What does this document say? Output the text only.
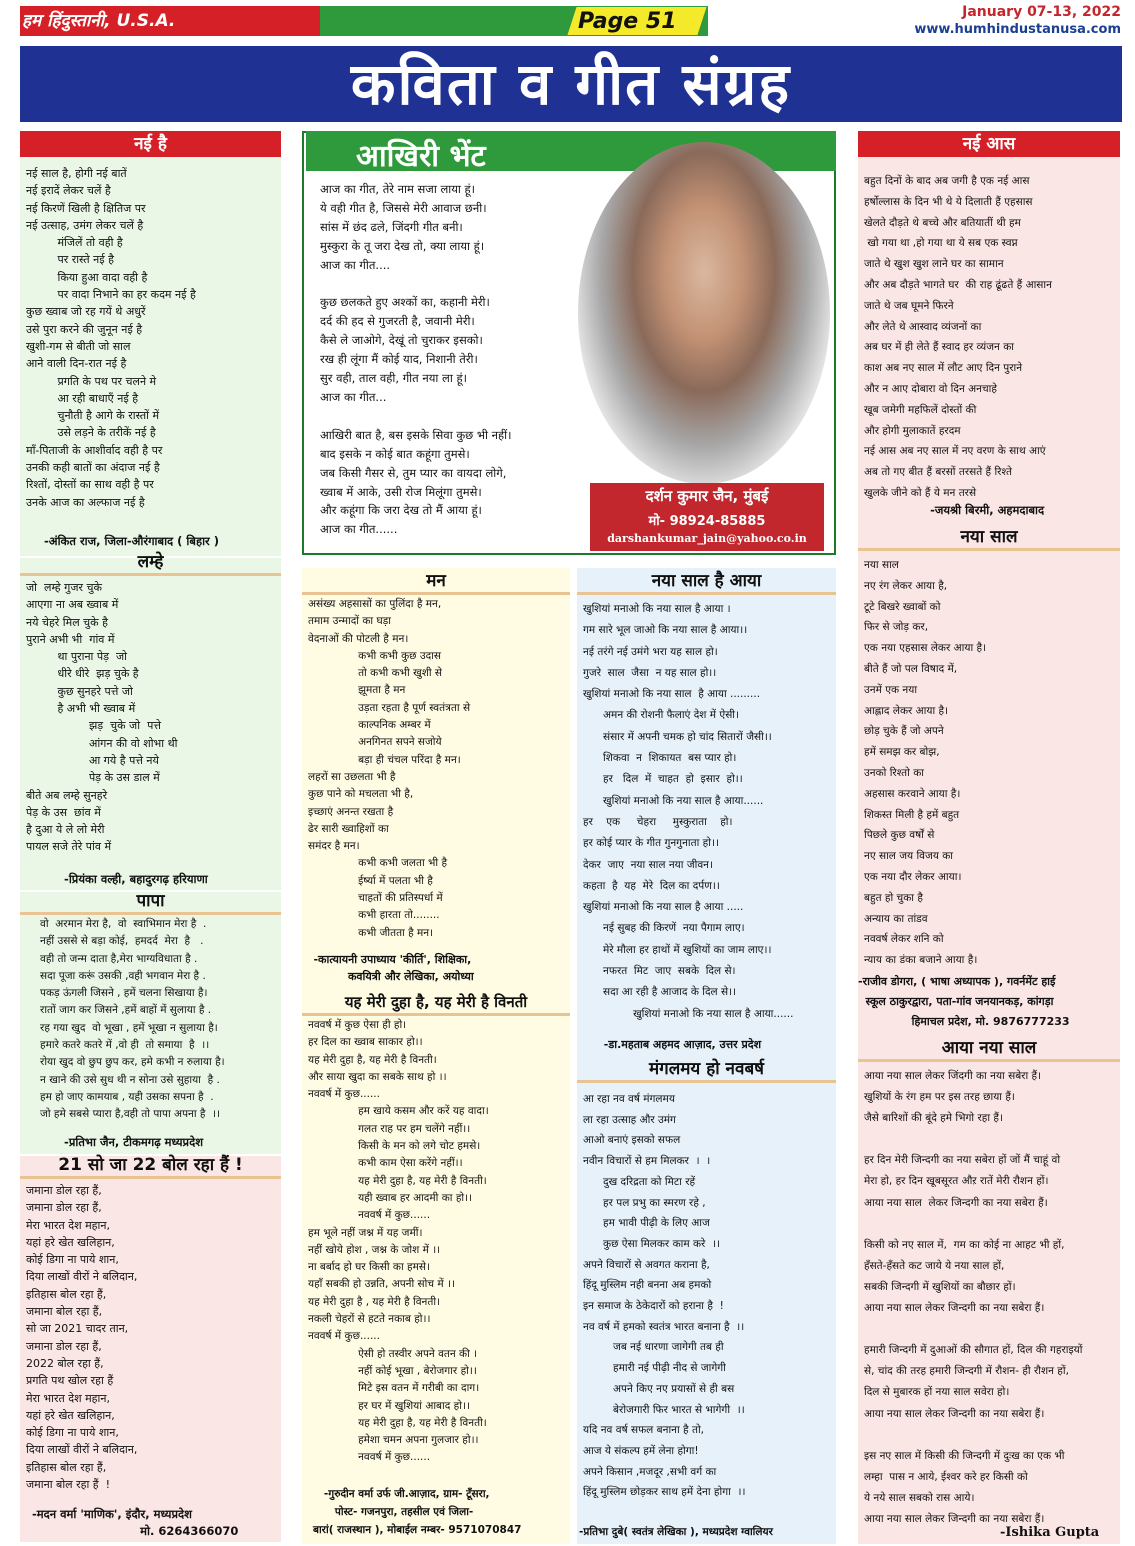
हम हिंदुस्तानी, U.S.A.	Page 51	January 07-13, 2022
www.humhindustanusa.com
कविता व गीत संग्रह
नई है
नई साल है, होगी नई बातें
नई इरादें लेकर चलें है
नई किरणें खिली है क्षितिज पर
नई उत्साह, उमंग लेकर चलें है
मंजिलें तो वही है
पर रास्ते नई है
किया हुआ वादा वही है
पर वादा निभाने का हर कदम नई है
कुछ ख्वाब जो रह गयें थे अधुरें
उसे पुरा करने की जुनून नई है
खुशी-गम से बीती जो साल
आने वाली दिन-रात नई है
प्रगति के पथ पर चलने मे
आ रही बाधाएँ नई है
चुनौती है आगे के रास्तों में
उसे लड़ने के तरीकें नई है
माँ-पिताजी के आशीर्वाद वही है पर
उनकी कही बातों का अंदाज नई है
रिश्तों, दोस्तों का साथ वही है पर
उनके आज का अल्फाज नई है
-अंकित राज, जिला-औरंगाबाद ( बिहार )
लम्हे
जो  लम्हे गुजर चुके
आएगा ना अब ख्वाब में
नये चेहरे मिल चुके है
पुराने अभी भी  गांव में
था पुराना पेड़  जो
धीरे धीरे  झड़ चुके है
कुछ सुनहरे पत्ते जो
है अभी भी ख्वाब में
झड़  चुके जो  पत्ते
आंगन की वो शोभा थी
आ गये है पत्ते नये
पेड़ के उस डाल में
बीते अब लम्हे सुनहरे
पेड़ के उस  छांव में
है दुआ ये ले लो मेरी
पायल सजे तेरे पांव में
-प्रियंका वल्ही, बहादुरगढ़ हरियाणा
पापा
वो  अरमान मेरा है,  वो  स्वाभिमान मेरा है  .
नहीं उससे से बड़ा कोई,  हमदर्द  मेरा  है   .
वही तो जन्म दाता है,मेरा भाग्यविधाता है .
सदा पूजा करूं उसकी ,वही भगवान मेरा है .
पकड़ ऊंगली जिसने , हमें चलना सिखाया है।
रातों जाग कर जिसने ,हमें बाहों में सुलाया है .
रह गया खुद  वो भूखा , हमें भूखा न सुलाया है।
हमारे कतरे कतरे में ,वो ही  तो समाया  है  ।।
रोया खुद वो छुप छुप कर, हमे कभी न रुलाया है।
न खाने की उसे सुध थी न सोना उसे सुहाया  है .
हम हो जाए कामयाब , यही उसका सपना है  .
जो हमे सबसे प्यारा है,वही तो पापा अपना है  ।।
-प्रतिभा जैन, टीकमगढ़ मध्यप्रदेश
21 सो जा 22 बोल रहा हैं !
जमाना डोल रहा हैं,
जमाना डोल रहा हैं,
मेरा भारत देश महान,
यहां हरे खेत खलिहान,
कोई डिगा ना पाये शान,
दिया लाखों वीरों ने बलिदान,
इतिहास बोल रहा हैं,
जमाना बोल रहा हैं,
सो जा 2021 चादर तान,
जमाना डोल रहा हैं,
2022 बोल रहा हैं,
प्रगति पथ खोल रहा हैं
मेरा भारत देश महान,
यहां हरे खेत खलिहान,
कोई डिगा ना पाये शान,
दिया लाखों वीरों ने बलिदान,
इतिहास बोल रहा हैं,
जमाना बोल रहा हैं  !
-मदन वर्मा 'माणिक', इंदौर, मध्यप्रदेश
मो. 6264366070
आखिरी भेंट
आज का गीत, तेरे नाम सजा लाया हूं।
ये वही गीत है, जिससे मेरी आवाज छनी।
सांस में छंद ढले, जिंदगी गीत बनी।
मुस्कुरा के तू जरा देख तो, क्या लाया हूं।
आज का गीत....

कुछ छलकते हुए अश्कों का, कहानी मेरी।
दर्द की हद से गुजरती है, जवानी मेरी।
कैसे ले जाओगे, देखूं तो चुराकर इसको।
रख ही लूंगा मैं कोई याद, निशानी तेरी।
सुर वही, ताल वही, गीत नया ला हूं।
आज का गीत...

आखिरी बात है, बस इसके सिवा कुछ भी नहीं।
बाद इसके न कोई बात कहूंगा तुमसे।
जब किसी गैसर से, तुम प्यार का वायदा लोगे,
ख्वाब में आके, उसी रोज मिलूंगा तुमसे।
और कहूंगा कि जरा देख तो मैं आया हूं।
आज का गीत......
दर्शन कुमार जैन, मुंबई
मो- 98924-85885
darshankumar_jain@yahoo.co.in
मन
असंख्य अहसासों का पुलिंदा है मन,
तमाम उन्मादों का घड़ा
वेदनाओं की पोटली है मन।
कभी कभी कुछ उदास
तो कभी कभी खुशी से
झूमता है मन
उड़ता रहता है पूर्ण स्वतंत्रता से
काल्पनिक अम्बर में
अनगिनत सपने सजोये
बड़ा ही चंचल परिंदा है मन।
लहरों सा उछलता भी है
कुछ पाने को मचलता भी है,
इच्छाएं अनन्त रखता है
ढेर सारी ख्वाहिशों का
समंदर है मन।
कभी कभी जलता भी है
ईर्ष्या में पलता भी है
चाहतों की प्रतिस्पर्धा में
कभी हारता तो........
कभी जीतता है मन।
-कात्यायनी उपाध्याय 'कीर्ति', शिक्षिका,
कवयित्री और लेखिका, अयोध्या
यह मेरी दुहा है, यह मेरी है विनती
नववर्ष में कुछ ऐसा ही हो।
हर दिल का ख्वाब साकार हो।।
यह मेरी दुहा है, यह मेरी है विनती।
और साया खुदा का सबके साथ हो ।।
नववर्ष में कुछ......
हम खाये कसम और करें यह वादा।
गलत राह पर हम चलेंगे नहीं।।
किसी के मन को लगे चोट हमसे।
कभी काम ऐसा करेंगे नहीं।।
यह मेरी दुहा है, यह मेरी है विनती।
यही ख्वाब हर आदमी का हो।।
नववर्ष में कुछ......
हम भूले नहीं जश्न में यह जमीं।
नहीं खोये होश , जश्न के जोश में ।।
ना बर्बाद हो घर किसी का हमसे।
यहाँ सबकी हो उन्नति, अपनी सोच में ।।
यह मेरी दुहा है , यह मेरी है विनती।
नकली चेहरों से हटते नकाब हो।।
नववर्ष में कुछ......
ऐसी हो तस्वीर अपने वतन की ।
नहीं कोई भूखा , बेरोजगार हो।।
मिटे इस वतन में गरीबी का दाग।
हर घर में खुशियां आबाद हो।।
यह मेरी दुहा है, यह मेरी है विनती।
हमेशा चमन अपना गुलजार हो।।
नववर्ष में कुछ......
-गुरुदीन वर्मा उर्फ जी.आज़ाद, ग्राम- टूँसरा,
पोस्ट- गजनपुरा, तहसील एवं जिला-
बारां( राजस्थान ), मोबाईल नम्बर- 9571070847
नया साल है आया
खुशियां मनाओ कि नया साल है आया ।
गम सारे भूल जाओ कि नया साल है आया।।
नई तरंगे नई उमंगे भरा यह साल हो।
गुजरे  साल  जैसा  न यह साल हो।।
खुशियां मनाओ कि नया साल  है आया .........
अमन की रोशनी फैलाएं देश में ऐसी।
संसार में अपनी चमक हो चांद सितारों जैसी।।
शिकवा  न  शिकायत  बस प्यार हो।
हर   दिल  में  चाहत  हो  इसार  हो।।
खुशियां मनाओ कि नया साल है आया......
हर    एक     चेहरा     मुस्कुराता    हो।
हर कोई प्यार के गीत गुनगुनाता हो।।
देकर  जाए  नया साल नया जीवन।
कहता  है  यह  मेरे  दिल का दर्पण।।
खुशियां मनाओ कि नया साल है आया .....
नई सुबह की किरणें  नया पैगाम लाए।
मेरे मौला हर हाथों में खुशियों का जाम लाए।।
नफरत  मिट  जाए  सबके  दिल से।
सदा आ रही है आजाद के दिल से।।
खुशियां मनाओ कि नया साल है आया......
-डा.महताब अहमद आज़ाद, उत्तर प्रदेश
मंगलमय हो नवबर्ष
आ रहा नव वर्ष मंगलमय
ला रहा उत्साह और उमंग
आओ बनाएं इसको सफल
नवीन विचारों से हम मिलकर  ।  ।
दुख दरिद्रता को मिटा रहें
हर पल प्रभु का स्मरण रहे ,
हम भावी पीढ़ी के लिए आज
कुछ ऐसा मिलकर काम करे  ।।
अपने विचारों से अवगत कराना है,
हिंदू मुस्लिम नही बनना अब हमको
इन समाज के ठेकेदारों को हराना है  !
नव वर्ष में हमको स्वतंत्र भारत बनाना है  ।।
जब नई धारणा जागेगी तब ही
हमारी नई पीढ़ी नीद से जागेगी
अपने किए नए प्रयासों से ही बस
बेरोजगारी फिर भारत से भागेगी  ।।
यदि नव वर्ष सफल बनाना है तो,
आज ये संकल्प हमें लेना होगा!
अपने किसान ,मजदूर ,सभी वर्ग का
हिंदू मुस्लिम छोड़कर साथ हमें देना होगा  ।।
-प्रतिभा दुबे( स्वतंत्र लेखिका ), मध्यप्रदेश ग्वालियर
नई आस
बहुत दिनों के बाद अब जगी है एक नई आस
हर्षोल्लास के दिन भी थे ये दिलाती हैं एहसास
खेलते दौड़ते थे बच्चे और बतियातीं थी हम
खो गया था ,हो गया था ये सब एक स्वप्न
जाते थे खुश खुश लाने घर का सामान
और अब दौड़ते भागते घर  की राह ढूंढते हैं आसान
जाते थे जब घूमने फिरने
और लेते थे आस्वाद व्यंजनों का
अब घर में ही लेते हैं स्वाद हर व्यंजन का
काश अब नए साल में लौट आए दिन पुराने
और न आए दोबारा वो दिन अनचाहे
खूब जमेगी महफिलें दोस्तों की
और होगी मुलाकातें हरदम
नई आस अब नए साल में नए वरण के साथ आएं
अब तो गए बीत हैं बरसों तरसते हैं रिश्ते
खुलके जीने को हैं ये मन तरसे
-जयश्री बिरमी, अहमदाबाद
नया साल
नया साल
नए रंग लेकर आया है,
टूटे बिखरे ख्वाबों को
फिर से जोड़ कर,
एक नया एहसास लेकर आया है।
बीते हैं जो पल विषाद में,
उनमें एक नया
आह्लाद लेकर आया है।
छोड़ चुके हैं जो अपने
हमें समझ कर बोझ,
उनको रिश्तो का
अहसास करवाने आया है।
शिकस्त मिली है हमें बहुत
पिछले कुछ वर्षों से
नए साल जय विजय का
एक नया दौर लेकर आया।
बहुत हो चुका है
अन्याय का तांडव
नववर्ष लेकर शनि को
न्याय का डंका बजाने आया है।
-राजीव डोगरा, ( भाषा अध्यापक ), गवर्नमेंट हाई
स्कूल ठाकुरद्वारा, पता-गांव जनयानकड़, कांगड़ा
हिमाचल प्रदेश, मो. 9876777233
आया नया साल
आया नया साल लेकर जिंदगी का नया सबेरा हैं।
खुशियों के रंग हम पर इस तरह छाया हैं।
जैसे बारिशों की बूंदे हमे भिगो रहा हैं।

हर दिन मेरी जिन्दगी का नया सबेरा हों जों मैं चाहूं वो
मेरा हो, हर दिन खूबसूरत औऱ रातें मेरी रौशन हों।
आया नया साल  लेकर जिन्दगी का नया सबेरा हैं।

किसी को नए साल में,  गम का कोई ना आहट भी हों,
हँसते-हँसते कट जाये ये नया साल हों,
सबकी जिन्दगी में खुशियों का बौछार हों।
आया नया साल लेकर जिन्दगी का नया सबेरा हैं।

हमारी जिन्दगी में दुआओं की सौगात हों, दिल की गहराइयों
से, चांद की तरह हमारी जिन्दगी में रौशन- ही रौशन हों,
दिल से मुबारक हों नया साल सवेरा हो।
आया नया साल लेकर जिन्दगी का नया सबेरा हैं।

इस नए साल में किसी की जिन्दगी में दुःख का एक भी
लम्हा  पास न आये, ईश्वर करे हर किसी को
ये नये साल सबको रास आये।
आया नया साल लेकर जिन्दगी का नया सबेरा हैं।
-Ishika Gupta
